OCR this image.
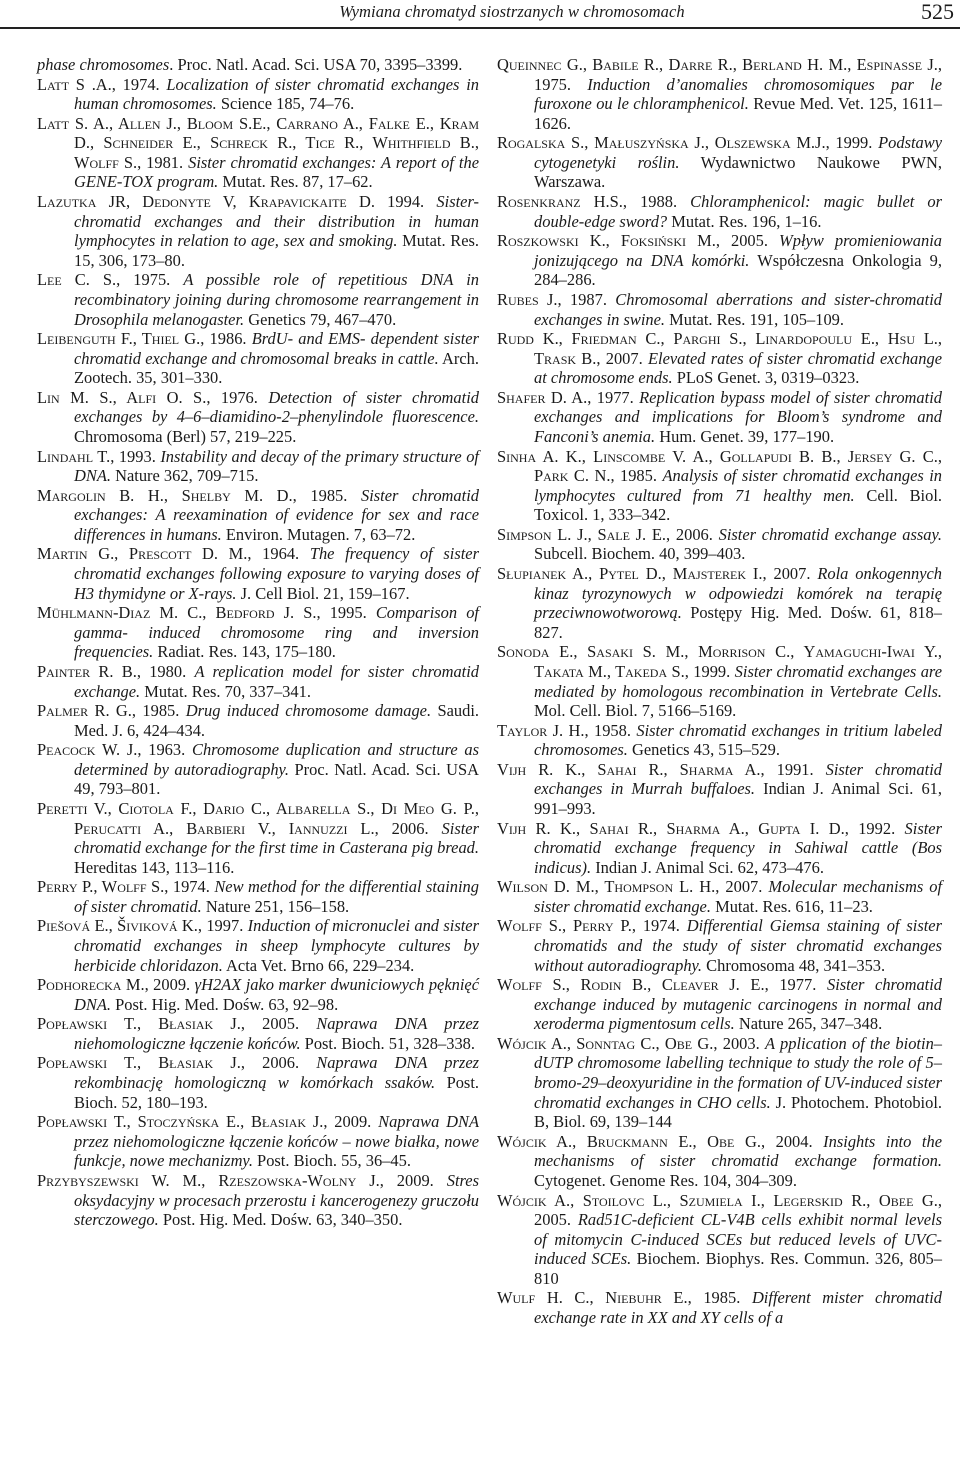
Wymiana chromatyd siostrzanych w chromosomach	525

phase chromosomes. Proc. Natl. Acad. Sci. USA 70, 3395–3399.

Latt S .A., 1974. Localization of sister chromatid exchanges in human chromosomes. Science 185, 74–76.

Latt S. A., Allen J., Bloom S.E., Carrano A., Falke E., Kram D., Schneider E., Schreck R., Tice R., Whithfield B., Wolff S., 1981. Sister chromatid exchanges: A report of the GENE-TOX program. Mutat. Res. 87, 17–62.

Lazutka JR, Dedonyte V, Krapavickaite D. 1994. Sister-chromatid exchanges and their distribution in human lymphocytes in relation to age, sex and smoking. Mutat. Res. 15, 306, 173–80.

Lee C. S., 1975. A possible role of repetitious DNA in recombinatory joining during chromosome rearrangement in Drosophila melanogaster. Genetics 79, 467–470.

Leibenguth F., Thiel G., 1986. BrdU- and EMS- dependent sister chromatid exchange and chromosomal breaks in cattle. Arch. Zootech. 35, 301–330.

Lin M. S., Alfi O. S., 1976. Detection of sister chromatid exchanges by 4–6–diamidino-2–phenylindole fluorescence. Chromosoma (Berl) 57, 219–225.

Lindahl T., 1993. Instability and decay of the primary structure of DNA. Nature 362, 709–715.

Margolin B. H., Shelby M. D., 1985. Sister chromatid exchanges: A reexamination of evidence for sex and race differences in humans. Environ. Mutagen. 7, 63–72.

Martin G., Prescott D. M., 1964. The frequency of sister chromatid exchanges following exposure to varying doses of H3 thymidyne or X-rays. J. Cell Biol. 21, 159–167.

Mühlmann-Diaz M. C., Bedford J. S., 1995. Comparison of gamma- induced chromosome ring and inversion frequencies. Radiat. Res. 143, 175–180.

Painter R. B., 1980. A replication model for sister chromatid exchange. Mutat. Res. 70, 337–341.

Palmer R. G., 1985. Drug induced chromosome damage. Saudi. Med. J. 6, 424–434.

Peacock W. J., 1963. Chromosome duplication and structure as determined by autoradiography. Proc. Natl. Acad. Sci. USA 49, 793–801.

Peretti V., Ciotola F., Dario C., Albarella S., Di Meo G. P., Perucatti A., Barbieri V., Iannuzzi L., 2006. Sister chromatid exchange for the first time in Casterana pig bread. Hereditas 143, 113–116.

Perry P., Wolff S., 1974. New method for the differential staining of sister chromatid. Nature 251, 156–158.

Piešová E., Šiviková K., 1997. Induction of micronuclei and sister chromatid exchanges in sheep lymphocyte cultures by herbicide chloridazon. Acta Vet. Brno 66, 229–234.

Podhorecka M., 2009. γH2AX jako marker dwuniciowych pęknięć DNA. Post. Hig. Med. Dośw. 63, 92–98.

Popławski T., Błasiak J., 2005. Naprawa DNA przez niehomologiczne łączenie końców. Post. Bioch. 51, 328–338.

Popławski T., Błasiak J., 2006. Naprawa DNA przez rekombinację homologiczną w komórkach ssaków. Post. Bioch. 52, 180–193.

Popławski T., Stoczyńska E., Błasiak J., 2009. Naprawa DNA przez niehomologiczne łączenie końców – nowe białka, nowe funkcje, nowe mechanizmy. Post. Bioch. 55, 36–45.

Przybyszewski W. M., Rzeszowska-Wolny J., 2009. Stres oksydacyjny w procesach przerostu i kancerogenezy gruczołu sterczowego. Post. Hig. Med. Dośw. 63, 340–350.

Queinnec G., Babile R., Darre R., Berland H. M., Espinasse J., 1975. Induction d’anomalies chromosomiques par le furoxone ou le chloramphenicol. Revue Med. Vet. 125, 1611–1626.

Rogalska S., Małuszyńska J., Olszewska M.J., 1999. Podstawy cytogenetyki roślin. Wydawnictwo Naukowe PWN, Warszawa.

Rosenkranz H.S., 1988. Chloramphenicol: magic bullet or double-edge sword? Mutat. Res. 196, 1–16.

Roszkowski K., Foksiński M., 2005. Wpływ promieniowania jonizującego na DNA komórki. Współczesna Onkologia 9, 284–286.

Rubes J., 1987. Chromosomal aberrations and sister-chromatid exchanges in swine. Mutat. Res. 191, 105–109.

Rudd K., Friedman C., Parghi S., Linardopoulu E., Hsu L., Trask B., 2007. Elevated rates of sister chromatid exchange at chromosome ends. PLoS Genet. 3, 0319–0323.

Shafer D. A., 1977. Replication bypass model of sister chromatid exchanges and implications for Bloom’s syndrome and Fanconi’s anemia. Hum. Genet. 39, 177–190.

Sinha A. K., Linscombe V. A., Gollapudi B. B., Jersey G. C., Park C. N., 1985. Analysis of sister chromatid exchanges in lymphocytes cultured from 71 healthy men. Cell. Biol. Toxicol. 1, 333–342.

Simpson L. J., Sale J. E., 2006. Sister chromatid exchange assay. Subcell. Biochem. 40, 399–403.

Słupianek A., Pytel D., Majsterek I., 2007. Rola onkogennych kinaz tyrozynowych w odpowiedzi komórek na terapię przeciwnowotworową. Postępy Hig. Med. Dośw. 61, 818–827.

Sonoda E., Sasaki S. M., Morrison C., Yamaguchi-Iwai Y., Takata M., Takeda S., 1999. Sister chromatid exchanges are mediated by homologous recombination in Vertebrate Cells. Mol. Cell. Biol. 7, 5166–5169.

Taylor J. H., 1958. Sister chromatid exchanges in tritium labeled chromosomes. Genetics 43, 515–529.

Vijh R. K., Sahai R., Sharma A., 1991. Sister chromatid exchanges in Murrah buffaloes. Indian J. Animal Sci. 61, 991–993.

Vijh R. K., Sahai R., Sharma A., Gupta I. D., 1992. Sister chromatid exchange frequency in Sahiwal cattle (Bos indicus). Indian J. Animal Sci. 62, 473–476.

Wilson D. M., Thompson L. H., 2007. Molecular mechanisms of sister chromatid exchange. Mutat. Res. 616, 11–23.

Wolff S., Perry P., 1974. Differential Giemsa staining of sister chromatids and the study of sister chromatid exchanges without autoradiography. Chromosoma 48, 341–353.

Wolff S., Rodin B., Cleaver J. E., 1977. Sister chromatid exchange induced by mutagenic carcinogens in normal and xeroderma pigmentosum cells. Nature 265, 347–348.

Wójcik A., Sonntag C., Obe G., 2003. A pplication of the biotin–dUTP chromosome labelling technique to study the role of 5–bromo-29–deoxyuridine in the formation of UV-induced sister chromatid exchanges in CHO cells. J. Photochem. Photobiol. B, Biol. 69, 139–144

Wójcik A., Bruckmann E., Obe G., 2004. Insights into the mechanisms of sister chromatid exchange formation. Cytogenet. Genome Res. 104, 304–309.

Wójcik A., Stoilovc L., Szumiela I., Legerskid R., Obee G., 2005. Rad51C-deficient CL-V4B cells exhibit normal levels of mitomycin C-induced SCEs but reduced levels of UVC-induced SCEs. Biochem. Biophys. Res. Commun. 326, 805–810

Wulf H. C., Niebuhr E., 1985. Different mister chromatid exchange rate in XX and XY cells of a
